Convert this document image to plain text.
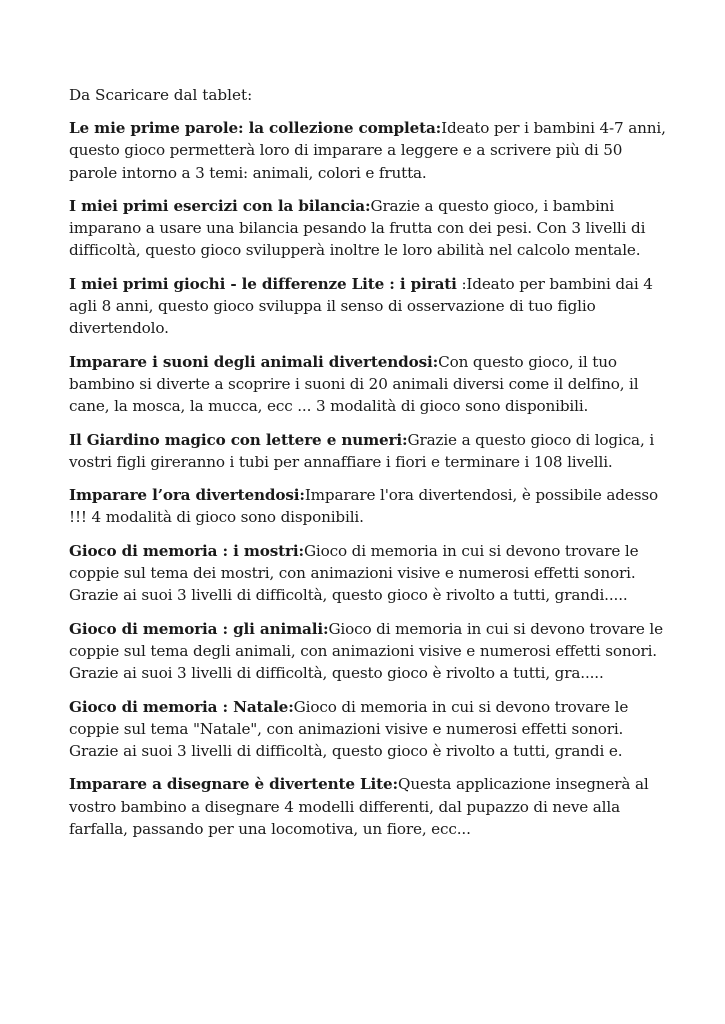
Da Scaricare dal tablet:

Le mie prime parole: la collezione completa:Ideato per i bambini 4-7 anni, questo gioco permetterà loro di imparare a leggere e a scrivere più di 50 parole intorno a 3 temi: animali, colori e frutta.

I miei primi esercizi con la bilancia:Grazie a questo gioco, i bambini imparano a usare una bilancia pesando la frutta con dei pesi. Con 3 livelli di difficoltà, questo gioco svilupperà inoltre le loro abilità nel calcolo mentale.

I miei primi giochi - le differenze Lite : i pirati :Ideato per bambini dai 4 agli 8 anni, questo gioco sviluppa il senso di osservazione di tuo figlio divertendolo.

Imparare i suoni degli animali divertendosi:Con questo gioco, il tuo bambino si diverte a scoprire i suoni di 20 animali diversi come il delfino, il cane, la mosca, la mucca, ecc ... 3 modalità di gioco sono disponibili.

Il Giardino magico con lettere e numeri:Grazie a questo gioco di logica, i vostri figli gireranno i tubi per annaffiare i fiori e terminare i 108 livelli.

Imparare l’ora divertendosi:Imparare l'ora divertendosi, è possibile adesso !!! 4 modalità di gioco sono disponibili.

Gioco di memoria : i mostri:Gioco di memoria in cui si devono trovare le coppie sul tema dei mostri, con animazioni visive e numerosi effetti sonori. Grazie ai suoi 3 livelli di difficoltà, questo gioco è rivolto a tutti, grandi.....

Gioco di memoria : gli animali:Gioco di memoria in cui si devono trovare le coppie sul tema degli animali, con animazioni visive e numerosi effetti sonori. Grazie ai suoi 3 livelli di difficoltà, questo gioco è rivolto a tutti, gra.....

Gioco di memoria : Natale:Gioco di memoria in cui si devono trovare le coppie sul tema "Natale", con animazioni visive e numerosi effetti sonori. Grazie ai suoi 3 livelli di difficoltà, questo gioco è rivolto a tutti, grandi e.

Imparare a disegnare è divertente Lite:Questa applicazione insegnerà al vostro bambino a disegnare 4 modelli differenti, dal pupazzo di neve alla farfalla, passando per una locomotiva, un fiore, ecc...
